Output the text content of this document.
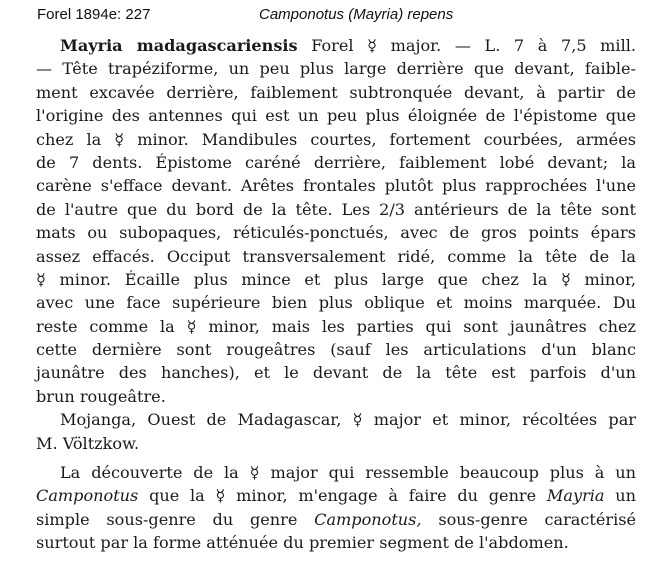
Forel 1894e: 227	Camponotus (Mayria) repens
Mayria madagascariensis Forel ☿ major. — L. 7 à 7,5 mill.
— Tête trapéziforme, un peu plus large derrière que devant, faible-
ment excavée derrière, faiblement subtronquée devant, à partir de
l'origine des antennes qui est un peu plus éloignée de l'épistome que
chez la ☿ minor. Mandibules courtes, fortement courbées, armées
de 7 dents. Épistome caréné derrière, faiblement lobé devant; la
carène s'efface devant. Arêtes frontales plutôt plus rapprochées l'une
de l'autre que du bord de la tête. Les 2/3 antérieurs de la tête sont
mats ou subopaques, réticulés-ponctués, avec de gros points épars
assez effacés. Occiput transversalement ridé, comme la tête de la
☿ minor. Écaille plus mince et plus large que chez la ☿ minor,
avec une face supérieure bien plus oblique et moins marquée. Du
reste comme la ☿ minor, mais les parties qui sont jaunâtres chez
cette dernière sont rougeâtres (sauf les articulations d'un blanc
jaunâtre des hanches), et le devant de la tête est parfois d'un
brun rougeâtre.
Mojanga, Ouest de Madagascar, ☿ major et minor, récoltées par
M. Völtzkow.
La découverte de la ☿ major qui ressemble beaucoup plus à un
Camponotus que la ☿ minor, m'engage à faire du genre Mayria un
simple sous-genre du genre Camponotus, sous-genre caractérisé
surtout par la forme atténuée du premier segment de l'abdomen.
